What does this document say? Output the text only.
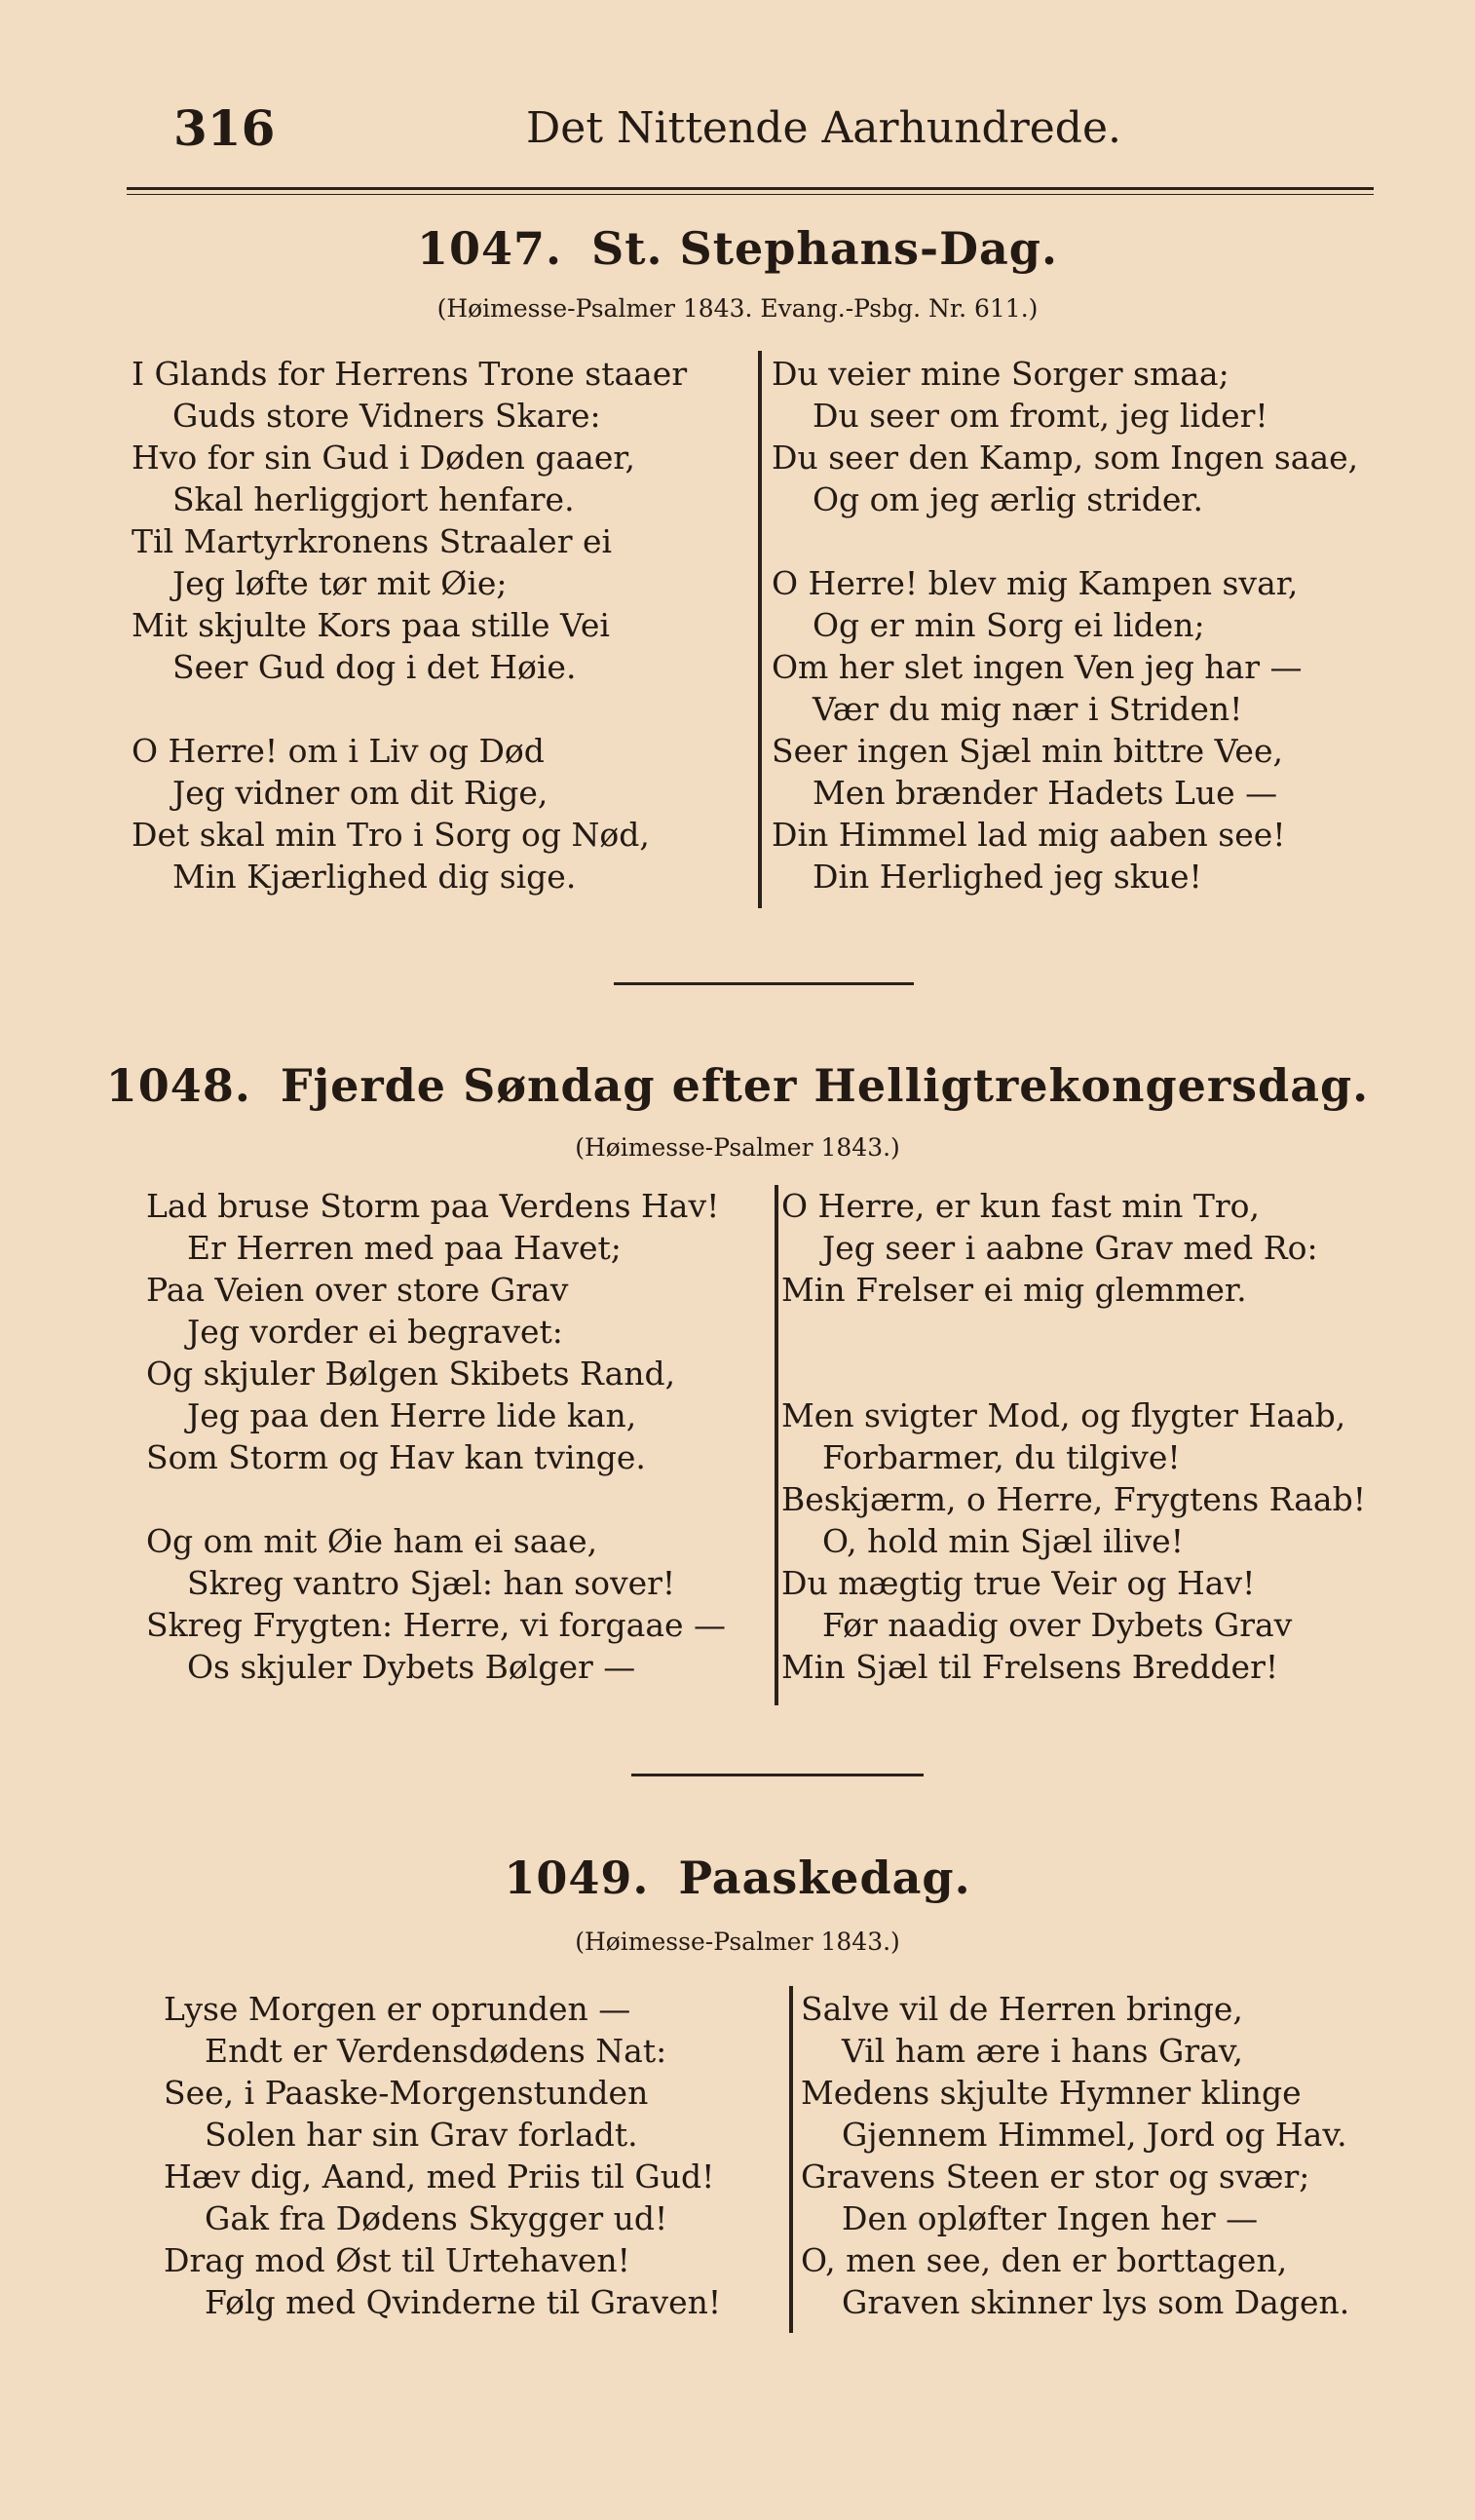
316	Det Nittende Aarhundrede.
1047. St. Stephans-Dag.
(Høimesse-Psalmer 1843. Evang.-Psbg. Nr. 611.)
I Glands for Herrens Trone staaer
Guds store Vidners Skare:
Hvo for sin Gud i Døden gaaer,
Skal herliggjort henfare.
Til Martyrkronens Straaler ei
Jeg løfte tør mit Øie;
Mit skjulte Kors paa stille Vei
Seer Gud dog i det Høie.
O Herre! om i Liv og Død
Jeg vidner om dit Rige,
Det skal min Tro i Sorg og Nød,
Min Kjærlighed dig sige.
Du veier mine Sorger smaa;
Du seer om fromt, jeg lider!
Du seer den Kamp, som Ingen saae,
Og om jeg ærlig strider.
O Herre! blev mig Kampen svar,
Og er min Sorg ei liden;
Om her slet ingen Ven jeg har —
Vær du mig nær i Striden!
Seer ingen Sjæl min bittre Vee,
Men brænder Hadets Lue —
Din Himmel lad mig aaben see!
Din Herlighed jeg skue!
1048. Fjerde Søndag efter Helligtrekongersdag.
(Høimesse-Psalmer 1843.)
Lad bruse Storm paa Verdens Hav!
Er Herren med paa Havet;
Paa Veien over store Grav
Jeg vorder ei begravet:
Og skjuler Bølgen Skibets Rand,
Jeg paa den Herre lide kan,
Som Storm og Hav kan tvinge.
Og om mit Øie ham ei saae,
Skreg vantro Sjæl: han sover!
Skreg Frygten: Herre, vi forgaae —
Os skjuler Dybets Bølger —
O Herre, er kun fast min Tro,
Jeg seer i aabne Grav med Ro:
Min Frelser ei mig glemmer.
Men svigter Mod, og flygter Haab,
Forbarmer, du tilgive!
Beskjærm, o Herre, Frygtens Raab!
O, hold min Sjæl ilive!
Du mægtig true Veir og Hav!
Før naadig over Dybets Grav
Min Sjæl til Frelsens Bredder!
1049. Paaskedag.
(Høimesse-Psalmer 1843.)
Lyse Morgen er oprunden —
Endt er Verdensdødens Nat:
See, i Paaske-Morgenstunden
Solen har sin Grav forladt.
Hæv dig, Aand, med Priis til Gud!
Gak fra Dødens Skygger ud!
Drag mod Øst til Urtehaven!
Følg med Qvinderne til Graven!
Salve vil de Herren bringe,
Vil ham ære i hans Grav,
Medens skjulte Hymner klinge
Gjennem Himmel, Jord og Hav.
Gravens Steen er stor og svær;
Den opløfter Ingen her —
O, men see, den er borttagen,
Graven skinner lys som Dagen.
